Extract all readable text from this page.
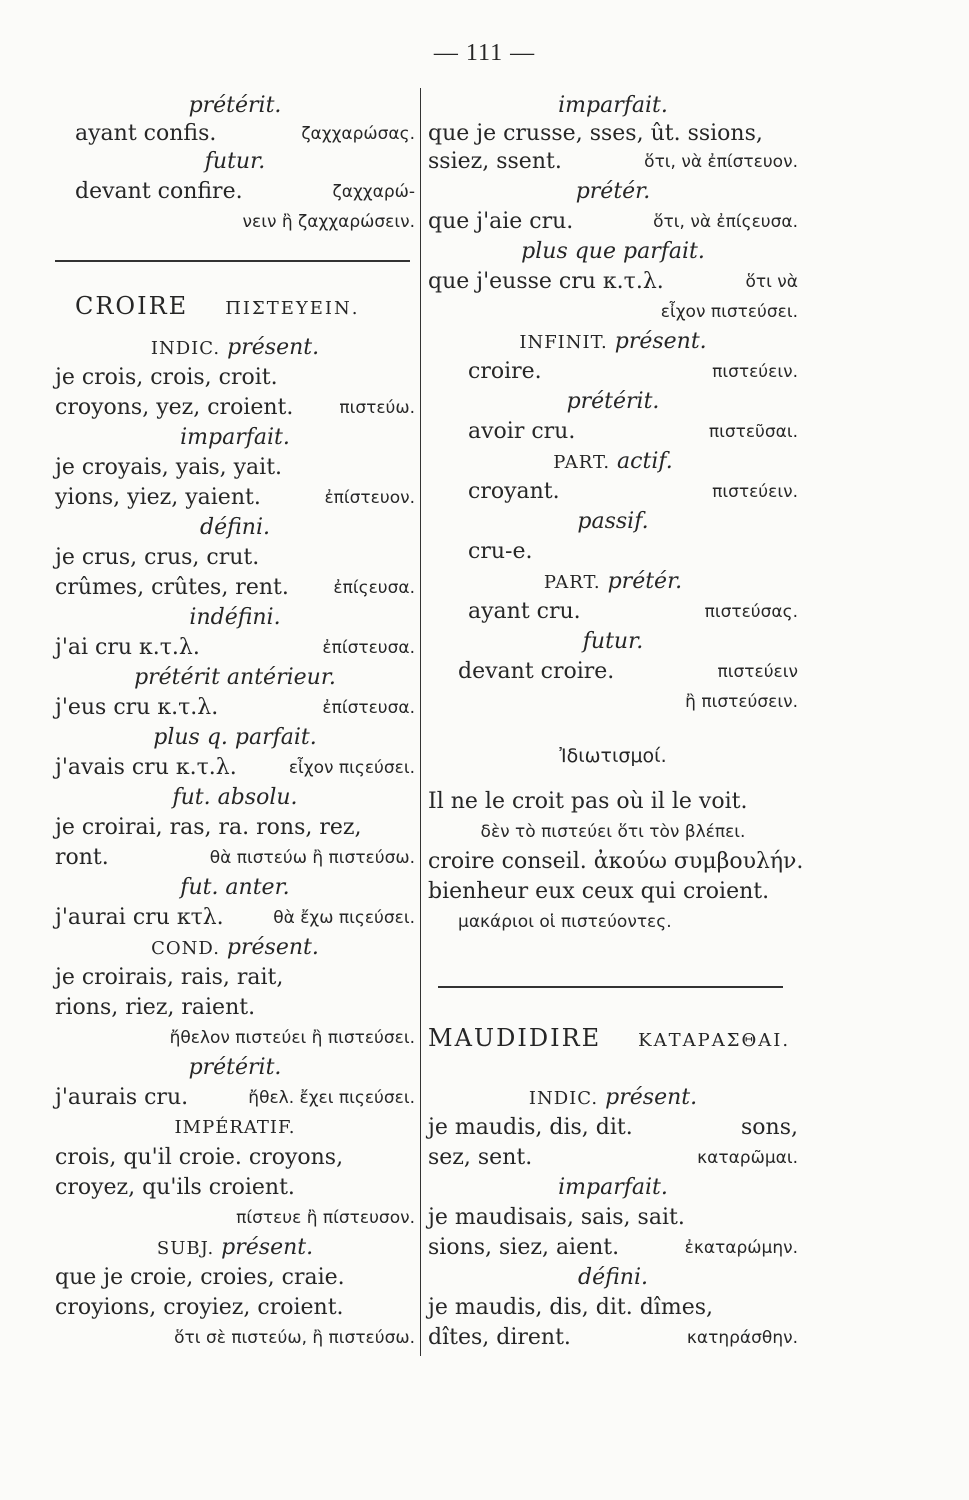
— 111 —
prétérit.
ayant confis.	ζαχχαρώσας.
futur.
devant confire.	ζαχχαρώ-
νειν ἢ ζαχχαρώσειν.
CROIRE ΠΙΣΤΕΥΕΙΝ.
INDIC. présent.
je crois, crois, croit.
croyons, yez, croient.	πιστεύω.
imparfait.
je croyais, yais, yait.
yions, yiez, yaient.	ἐπίστευον.
défini.
je crus, crus, crut.
crûmes, crûtes, rent.	ἐπίςευσα.
indéfini.
j'ai cru κ.τ.λ.	ἐπίστευσα.
prétérit antérieur.
j'eus cru κ.τ.λ.	ἐπίστευσα.
plus q. parfait.
j'avais cru κ.τ.λ.	εἶχον πιςεύσει.
fut. absolu.
je croirai, ras, ra. rons, rez,
ront.	θὰ πιστεύω ἢ πιστεύσω.
fut. anter.
j'aurai cru κτλ.	θὰ ἔχω πιςεύσει.
COND. présent.
je croirais, rais, rait,
rions, riez, raient.
ἤθελον πιστεύει ἢ πιστεύσει.
prétérit.
j'aurais cru.	ἤθελ. ἔχει πιςεύσει.
IMPÉRATIF.
crois, qu'il croie. croyons,
croyez, qu'ils croient.
πίστευε ἢ πίστευσον.
SUBJ. présent.
que je croie, croies, craie.
croyions, croyiez, croient.
ὅτι σὲ πιστεύω, ἢ πιστεύσω.
imparfait.
que je crusse, sses, ût. ssions,
ssiez, ssent.	ὅτι, νὰ ἐπίστευον.
prétér.
que j'aie cru.	ὅτι, νὰ ἐπίςευσα.
plus que parfait.
que j'eusse cru κ.τ.λ.	ὅτι νὰ
εἶχον πιστεύσει.
INFINIT. présent.
croire.	πιστεύειν.
prétérit.
avoir cru.	πιστεῦσαι.
PART. actif.
croyant.	πιστεύειν.
passif.
cru-e.
PART. prétér.
ayant cru.	πιστεύσας.
futur.
devant croire.	πιστεύειν
ἢ πιστεύσειν.
Ἰδιωτισμοί.
Il ne le croit pas où il le voit.
δὲν τὸ πιστεύει ὅτι τὸν βλέπει.
croire conseil. ἀκούω συμβουλήν.
bienheur eux ceux qui croient.
μακάριοι οἱ πιστεύοντες.
MAUDIDIRE ΚΑΤΑΡΑΣΘΑΙ.
INDIC. présent.
je maudis, dis, dit.	sons,
sez, sent.	καταρῶμαι.
imparfait.
je maudisais, sais, sait.
sions, siez, aient.	ἐκαταρώμην.
défini.
je maudis, dis, dit. dîmes,
dîtes, dirent.	κατηράσθην.
